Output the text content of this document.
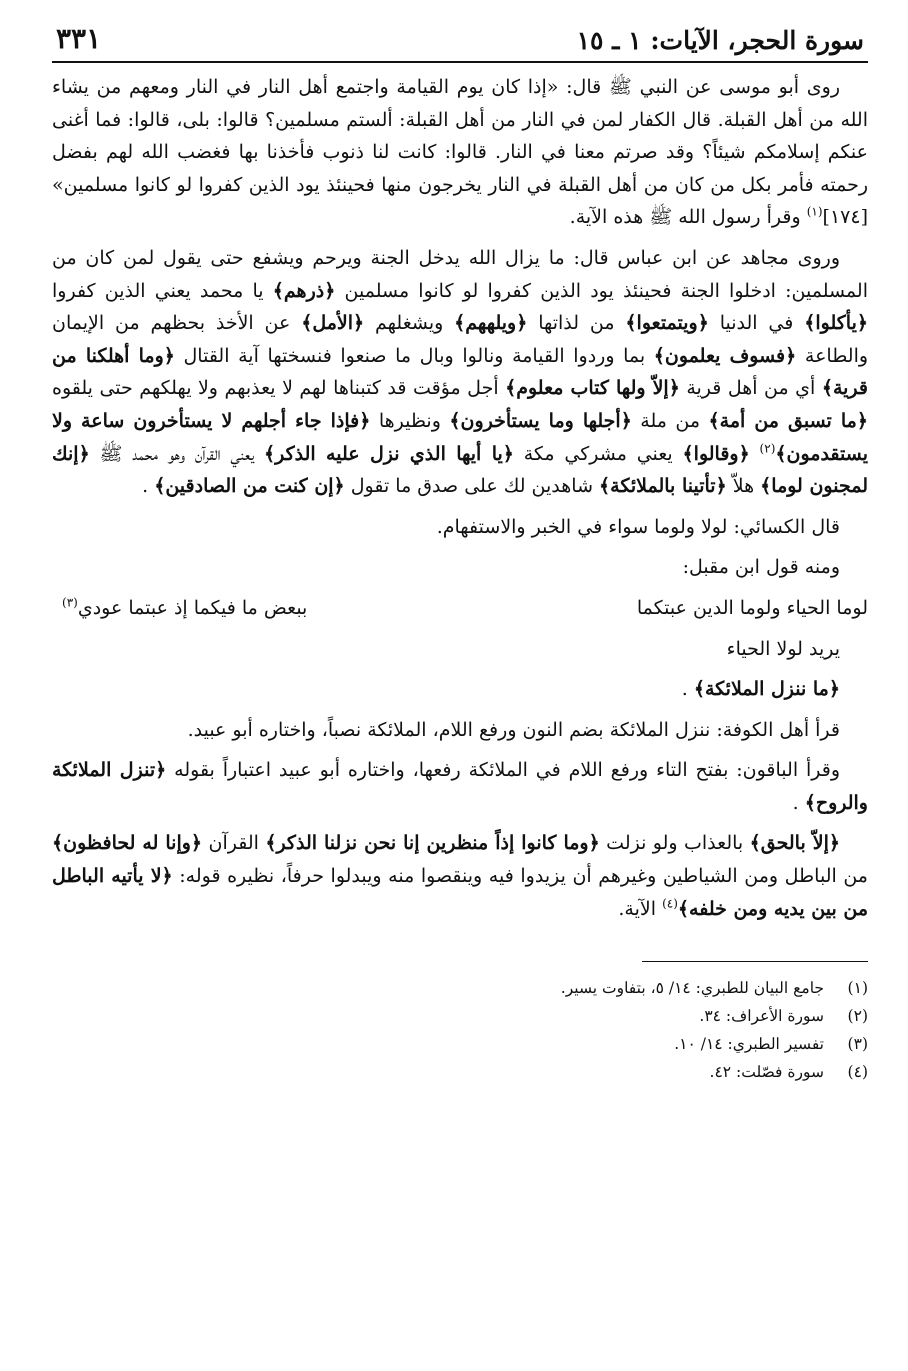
سورة الحجر، الآيات: ١ ـ ١٥
٣٣١

روى أبو موسى عن النبي ﷺ قال: «إذا كان يوم القيامة واجتمع أهل النار في النار ومعهم من يشاء الله من أهل القبلة. قال الكفار لمن في النار من أهل القبلة: ألستم مسلمين؟ قالوا: بلى، قالوا: فما أغنى عنكم إسلامكم شيئاً؟ وقد صرتم معنا في النار. قالوا: كانت لنا ذنوب فأخذنا بها فغضب الله لهم بفضل رحمته فأمر بكل من كان من أهل القبلة في النار يخرجون منها فحينئذ يود الذين كفروا لو كانوا مسلمين» [١٧٤]$^{(١)}$ وقرأ رسول الله ﷺ هذه الآية.

وروى مجاهد عن ابن عباس قال: ما يزال الله يدخل الجنة ويرحم ويشفع حتى يقول لمن كان من المسلمين: ادخلوا الجنة فحينئذ يود الذين كفروا لو كانوا مسلمين ﴿ذرهم﴾ يا محمد يعني الذين كفروا ﴿يأكلوا﴾ في الدنيا ﴿ويتمتعوا﴾ من لذاتها ﴿ويلههم﴾ ويشغلهم ﴿الأمل﴾ عن الأخذ بحظهم من الإيمان والطاعة ﴿فسوف يعلمون﴾ بما وردوا القيامة ونالوا وبال ما صنعوا فنسختها آية القتال ﴿وما أهلكنا من قرية﴾ أي من أهل قرية ﴿إلاّ ولها كتاب معلوم﴾ أجل مؤقت قد كتبناها لهم لا يعذبهم ولا يهلكهم حتى يلقوه ﴿ما تسبق من أمة﴾ من ملة ﴿أجلها وما يستأخرون﴾ ونظيرها ﴿فإذا جاء أجلهم لا يستأخرون ساعة ولا يستقدمون﴾$^{(٢)}$ ﴿وقالوا﴾ يعني مشركي مكة ﴿يا أيها الذي نزل عليه الذكر﴾ يعني القرآن وهو محمد ﷺ ﴿إنك لمجنون لوما﴾ هلاّ ﴿تأتينا بالملائكة﴾ شاهدين لك على صدق ما تقول ﴿إن كنت من الصادقين﴾ .

قال الكسائي: لولا ولوما سواء في الخبر والاستفهام.

ومنه قول ابن مقبل:

لوما الحياء ولوما الدين عبتكما
ببعض ما فيكما إذ عبتما عودي$^{(٣)}$

يريد لولا الحياء

﴿ما ننزل الملائكة﴾ .

قرأ أهل الكوفة: ننزل الملائكة بضم النون ورفع اللام، الملائكة نصباً، واختاره أبو عبيد.

وقرأ الباقون: بفتح التاء ورفع اللام في الملائكة رفعها، واختاره أبو عبيد اعتباراً بقوله ﴿تنزل الملائكة والروح﴾ .

﴿إلاّ بالحق﴾ بالعذاب ولو نزلت ﴿وما كانوا إذاً منظرين إنا نحن نزلنا الذكر﴾ القرآن ﴿وإنا له لحافظون﴾ من الباطل ومن الشياطين وغيرهم أن يزيدوا فيه وينقصوا منه ويبدلوا حرفاً، نظيره قوله: ﴿لا يأتيه الباطل من بين يديه ومن خلفه﴾$^{(٤)}$ الآية.

(١)
جامع البيان للطبري: ١٤/ ٥، بتفاوت يسير.
(٢)
سورة الأعراف: ٣٤.
(٣)
تفسير الطبري: ١٤/ ١٠.
(٤)
سورة فصّلت: ٤٢.
